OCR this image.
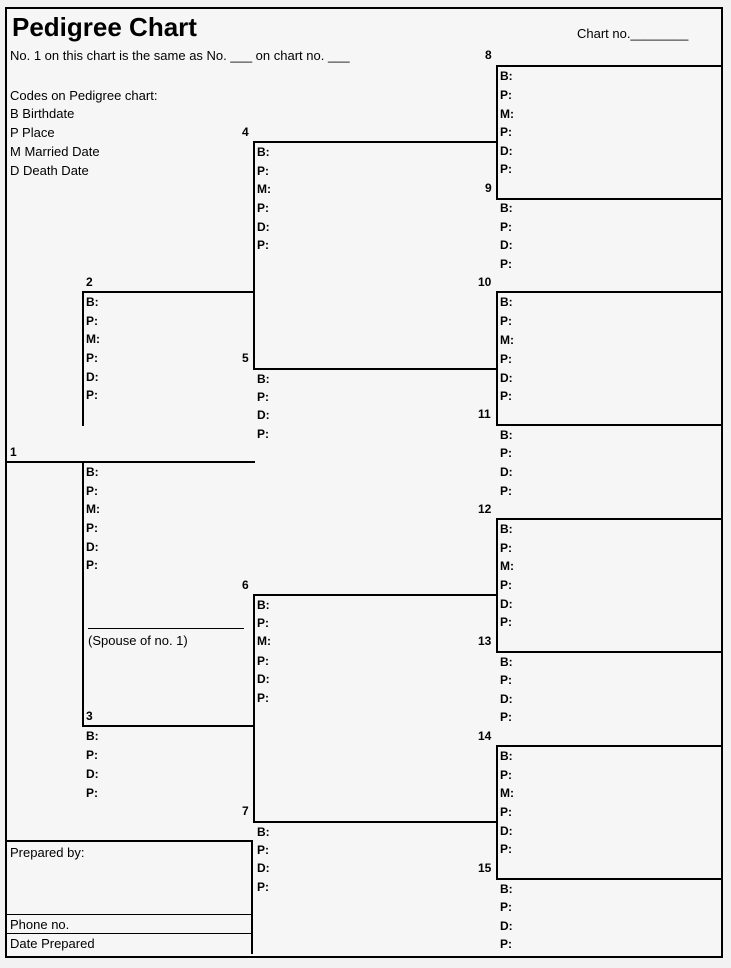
Pedigree Chart	Chart no.________
No. 1 on this chart is the same as No. ___ on chart no. ___
Codes on Pedigree chart:
B Birthdate
P Place
M Married Date
D Death Date
Prepared by:
Phone no.
Date Prepared
(Spouse of no. 1)
1
2
3
4
5
6
7
8
9
10
11
12
13
14
15
B:
P:
M:
P:
D:
P:
B:
P:
M:
P:
D:
P:
B:
P:
D:
P:
B:
P:
M:
P:
D:
P:
B:
P:
D:
P:
B:
P:
M:
P:
D:
P:
B:
P:
D:
P:
B:
P:
M:
P:
D:
P:
B:
P:
D:
P:
B:
P:
M:
P:
D:
P:
B:
P:
D:
P:
B:
P:
M:
P:
D:
P:
B:
P:
D:
P:
B:
P:
M:
P:
D:
P:
B:
P:
D:
P:
